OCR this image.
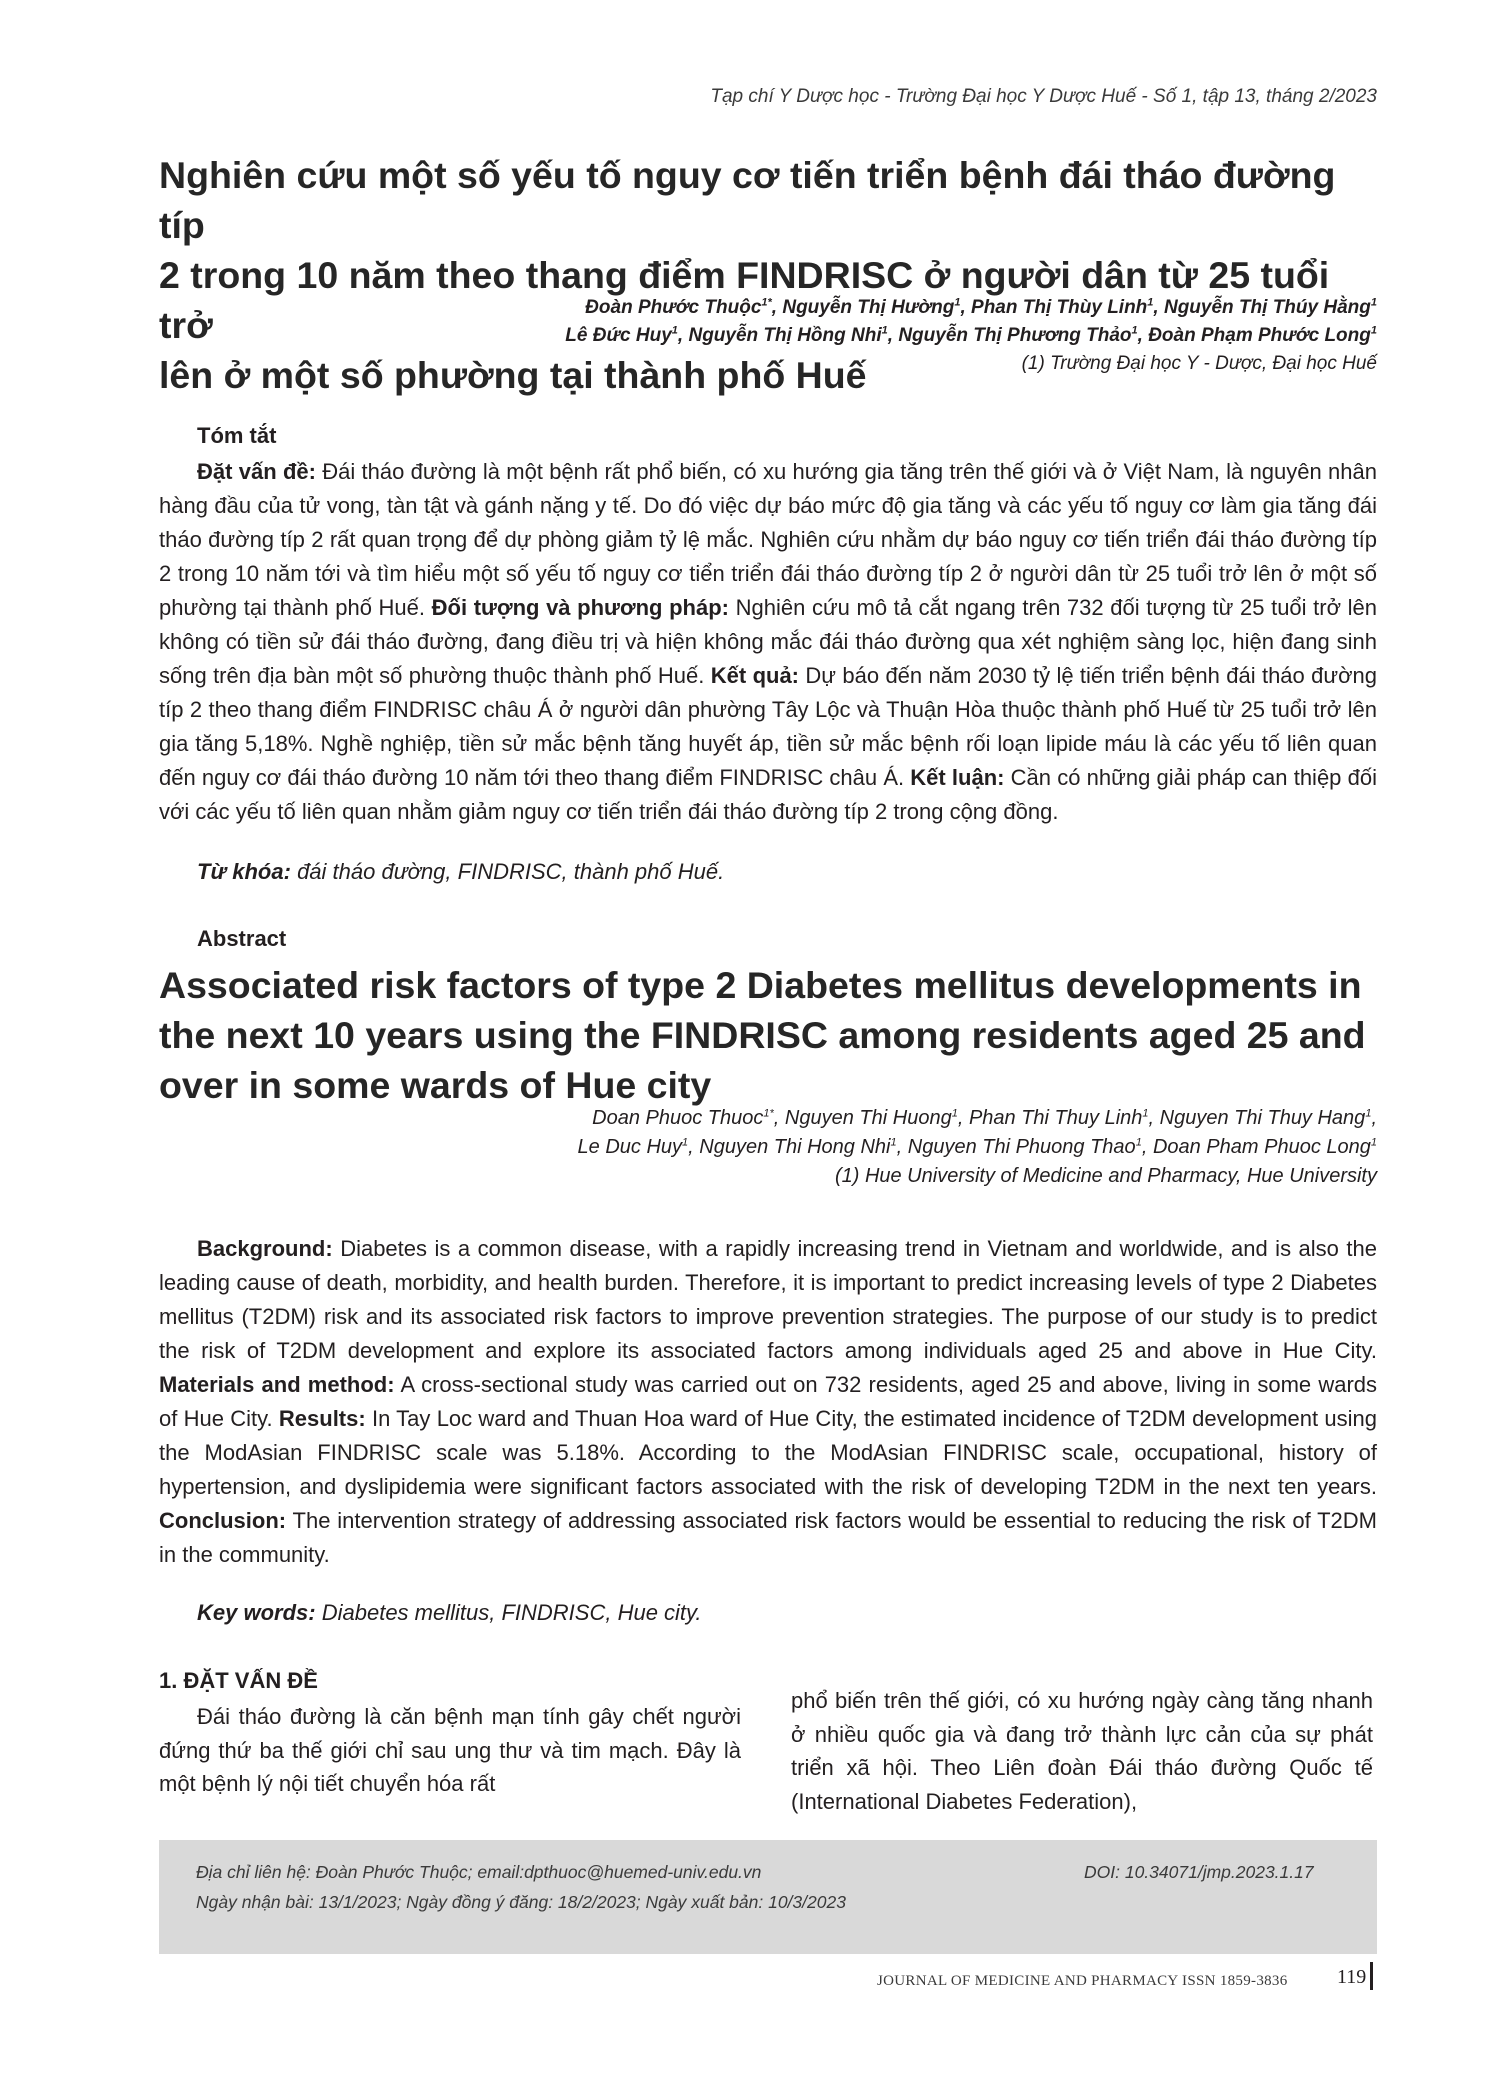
Tạp chí Y Dược học - Trường Đại học Y Dược Huế - Số 1, tập 13, tháng 2/2023
Nghiên cứu một số yếu tố nguy cơ tiến triển bệnh đái tháo đường típ
2 trong 10 năm theo thang điểm FINDRISC ở người dân từ 25 tuổi trở
lên ở một số phường tại thành phố Huế
Đoàn Phước Thuộc$^{1*}$, Nguyễn Thị Hường$^1$, Phan Thị Thùy Linh$^1$, Nguyễn Thị Thúy Hằng$^1$
Lê Đức Huy$^1$, Nguyễn Thị Hồng Nhi$^1$, Nguyễn Thị Phương Thảo$^1$, Đoàn Phạm Phước Long$^1$
(1) Trường Đại học Y - Dược, Đại học Huế
Tóm tắt

Đặt vấn đề: Đái tháo đường là một bệnh rất phổ biến, có xu hướng gia tăng trên thế giới và ở Việt Nam, là nguyên nhân hàng đầu của tử vong, tàn tật và gánh nặng y tế. Do đó việc dự báo mức độ gia tăng và các yếu tố nguy cơ làm gia tăng đái tháo đường típ 2 rất quan trọng để dự phòng giảm tỷ lệ mắc. Nghiên cứu nhằm dự báo nguy cơ tiến triển đái tháo đường típ 2 trong 10 năm tới và tìm hiểu một số yếu tố nguy cơ tiển triển đái tháo đường típ 2 ở người dân từ 25 tuổi trở lên ở một số phường tại thành phố Huế. Đối tượng và phương pháp: Nghiên cứu mô tả cắt ngang trên 732 đối tượng từ 25 tuổi trở lên không có tiền sử đái tháo đường, đang điều trị và hiện không mắc đái tháo đường qua xét nghiệm sàng lọc, hiện đang sinh sống trên địa bàn một số phường thuộc thành phố Huế. Kết quả: Dự báo đến năm 2030 tỷ lệ tiến triển bệnh đái tháo đường típ 2 theo thang điểm FINDRISC châu Á ở người dân phường Tây Lộc và Thuận Hòa thuộc thành phố Huế từ 25 tuổi trở lên gia tăng 5,18%. Nghề nghiệp, tiền sử mắc bệnh tăng huyết áp, tiền sử mắc bệnh rối loạn lipide máu là các yếu tố liên quan đến nguy cơ đái tháo đường 10 năm tới theo thang điểm FINDRISC châu Á. Kết luận: Cần có những giải pháp can thiệp đối với các yếu tố liên quan nhằm giảm nguy cơ tiến triển đái tháo đường típ 2 trong cộng đồng.

Từ khóa: đái tháo đường, FINDRISC, thành phố Huế.
Abstract
Associated risk factors of type 2 Diabetes mellitus developments in
the next 10 years using the FINDRISC among residents aged 25 and
over in some wards of Hue city
Doan Phuoc Thuoc$^{1*}$, Nguyen Thi Huong$^1$, Phan Thi Thuy Linh$^1$, Nguyen Thi Thuy Hang$^1$,
Le Duc Huy$^1$, Nguyen Thi Hong Nhi$^1$, Nguyen Thi Phuong Thao$^1$, Doan Pham Phuoc Long$^1$
(1) Hue University of Medicine and Pharmacy, Hue University

Background: Diabetes is a common disease, with a rapidly increasing trend in Vietnam and worldwide, and is also the leading cause of death, morbidity, and health burden. Therefore, it is important to predict increasing levels of type 2 Diabetes mellitus (T2DM) risk and its associated risk factors to improve prevention strategies. The purpose of our study is to predict the risk of T2DM development and explore its associated factors among individuals aged 25 and above in Hue City. Materials and method: A cross-sectional study was carried out on 732 residents, aged 25 and above, living in some wards of Hue City. Results: In Tay Loc ward and Thuan Hoa ward of Hue City, the estimated incidence of T2DM development using the ModAsian FINDRISC scale was 5.18%. According to the ModAsian FINDRISC scale, occupational, history of hypertension, and dyslipidemia were significant factors associated with the risk of developing T2DM in the next ten years. Conclusion: The intervention strategy of addressing associated risk factors would be essential to reducing the risk of T2DM in the community.

Key words: Diabetes mellitus, FINDRISC, Hue city.
1. ĐẶT VẤN ĐỀ

Đái tháo đường là căn bệnh mạn tính gây chết người đứng thứ ba thế giới chỉ sau ung thư và tim mạch. Đây là một bệnh lý nội tiết chuyển hóa rất

phổ biến trên thế giới, có xu hướng ngày càng tăng nhanh ở nhiều quốc gia và đang trở thành lực cản của sự phát triển xã hội. Theo Liên đoàn Đái tháo đường Quốc tế (International Diabetes Federation),

Địa chỉ liên hệ: Đoàn Phước Thuộc; email:dpthuoc@huemed-univ.edu.vn	DOI: 10.34071/jmp.2023.1.17
Ngày nhận bài: 13/1/2023; Ngày đồng ý đăng: 18/2/2023; Ngày xuất bản: 10/3/2023
JOURNAL OF MEDICINE AND PHARMACY ISSN 1859-3836 119
